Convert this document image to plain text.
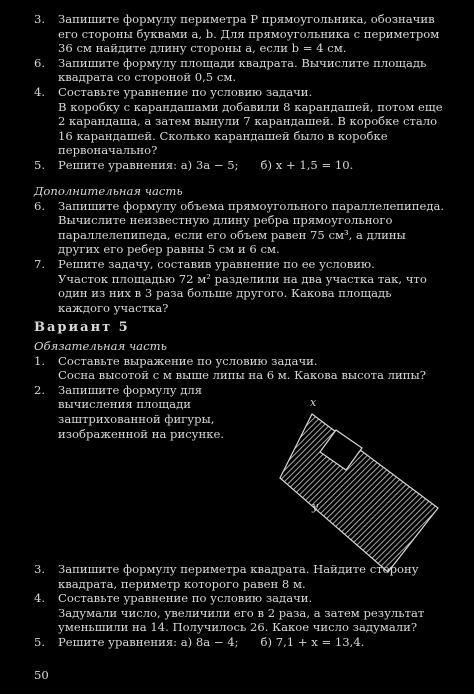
3. Запишите формулу периметра P прямоугольника, обозначив его стороны буквами a, b. Для прямоугольника с периметром 36 см найдите длину стороны a, если b = 4 см.
6. Запишите формулу площади квадрата. Вычислите площадь квадрата со стороной 0,5 см.
4. Составьте уравнение по условию задачи.
В коробку с карандашами добавили 8 карандашей, потом еще 2 карандаша, а затем вынули 7 карандашей. В коробке стало 16 карандашей. Сколько карандашей было в коробке первоначально?
5. Решите уравнения: а) 3a − 5; б) x + 1,5 = 10.
Дополнительная часть
6. Запишите формулу объема прямоугольного параллелепипеда. Вычислите неизвестную длину ребра прямоугольного параллелепипеда, если его объем равен 75 см³, а длины других его ребер равны 5 см и 6 см.
7. Решите задачу, составив уравнение по ее условию.
Участок площадью 72 м² разделили на два участка так, что один из них в 3 раза больше другого. Какова площадь каждого участка?
Вариант 5
Обязательная часть
1. Составьте выражение по условию задачи.
Сосна высотой c м выше липы на 6 м. Какова высота липы?
2. Запишите формулу для вычисления площади заштрихованной фигуры, изображенной на рисунке.
x
y
3. Запишите формулу периметра квадрата. Найдите сторону квадрата, периметр которого равен 8 м.
4. Составьте уравнение по условию задачи.
Задумали число, увеличили его в 2 раза, а затем результат уменьшили на 14. Получилось 26. Какое число задумали?
5. Решите уравнения: а) 8a − 4; б) 7,1 + x = 13,4.
50
